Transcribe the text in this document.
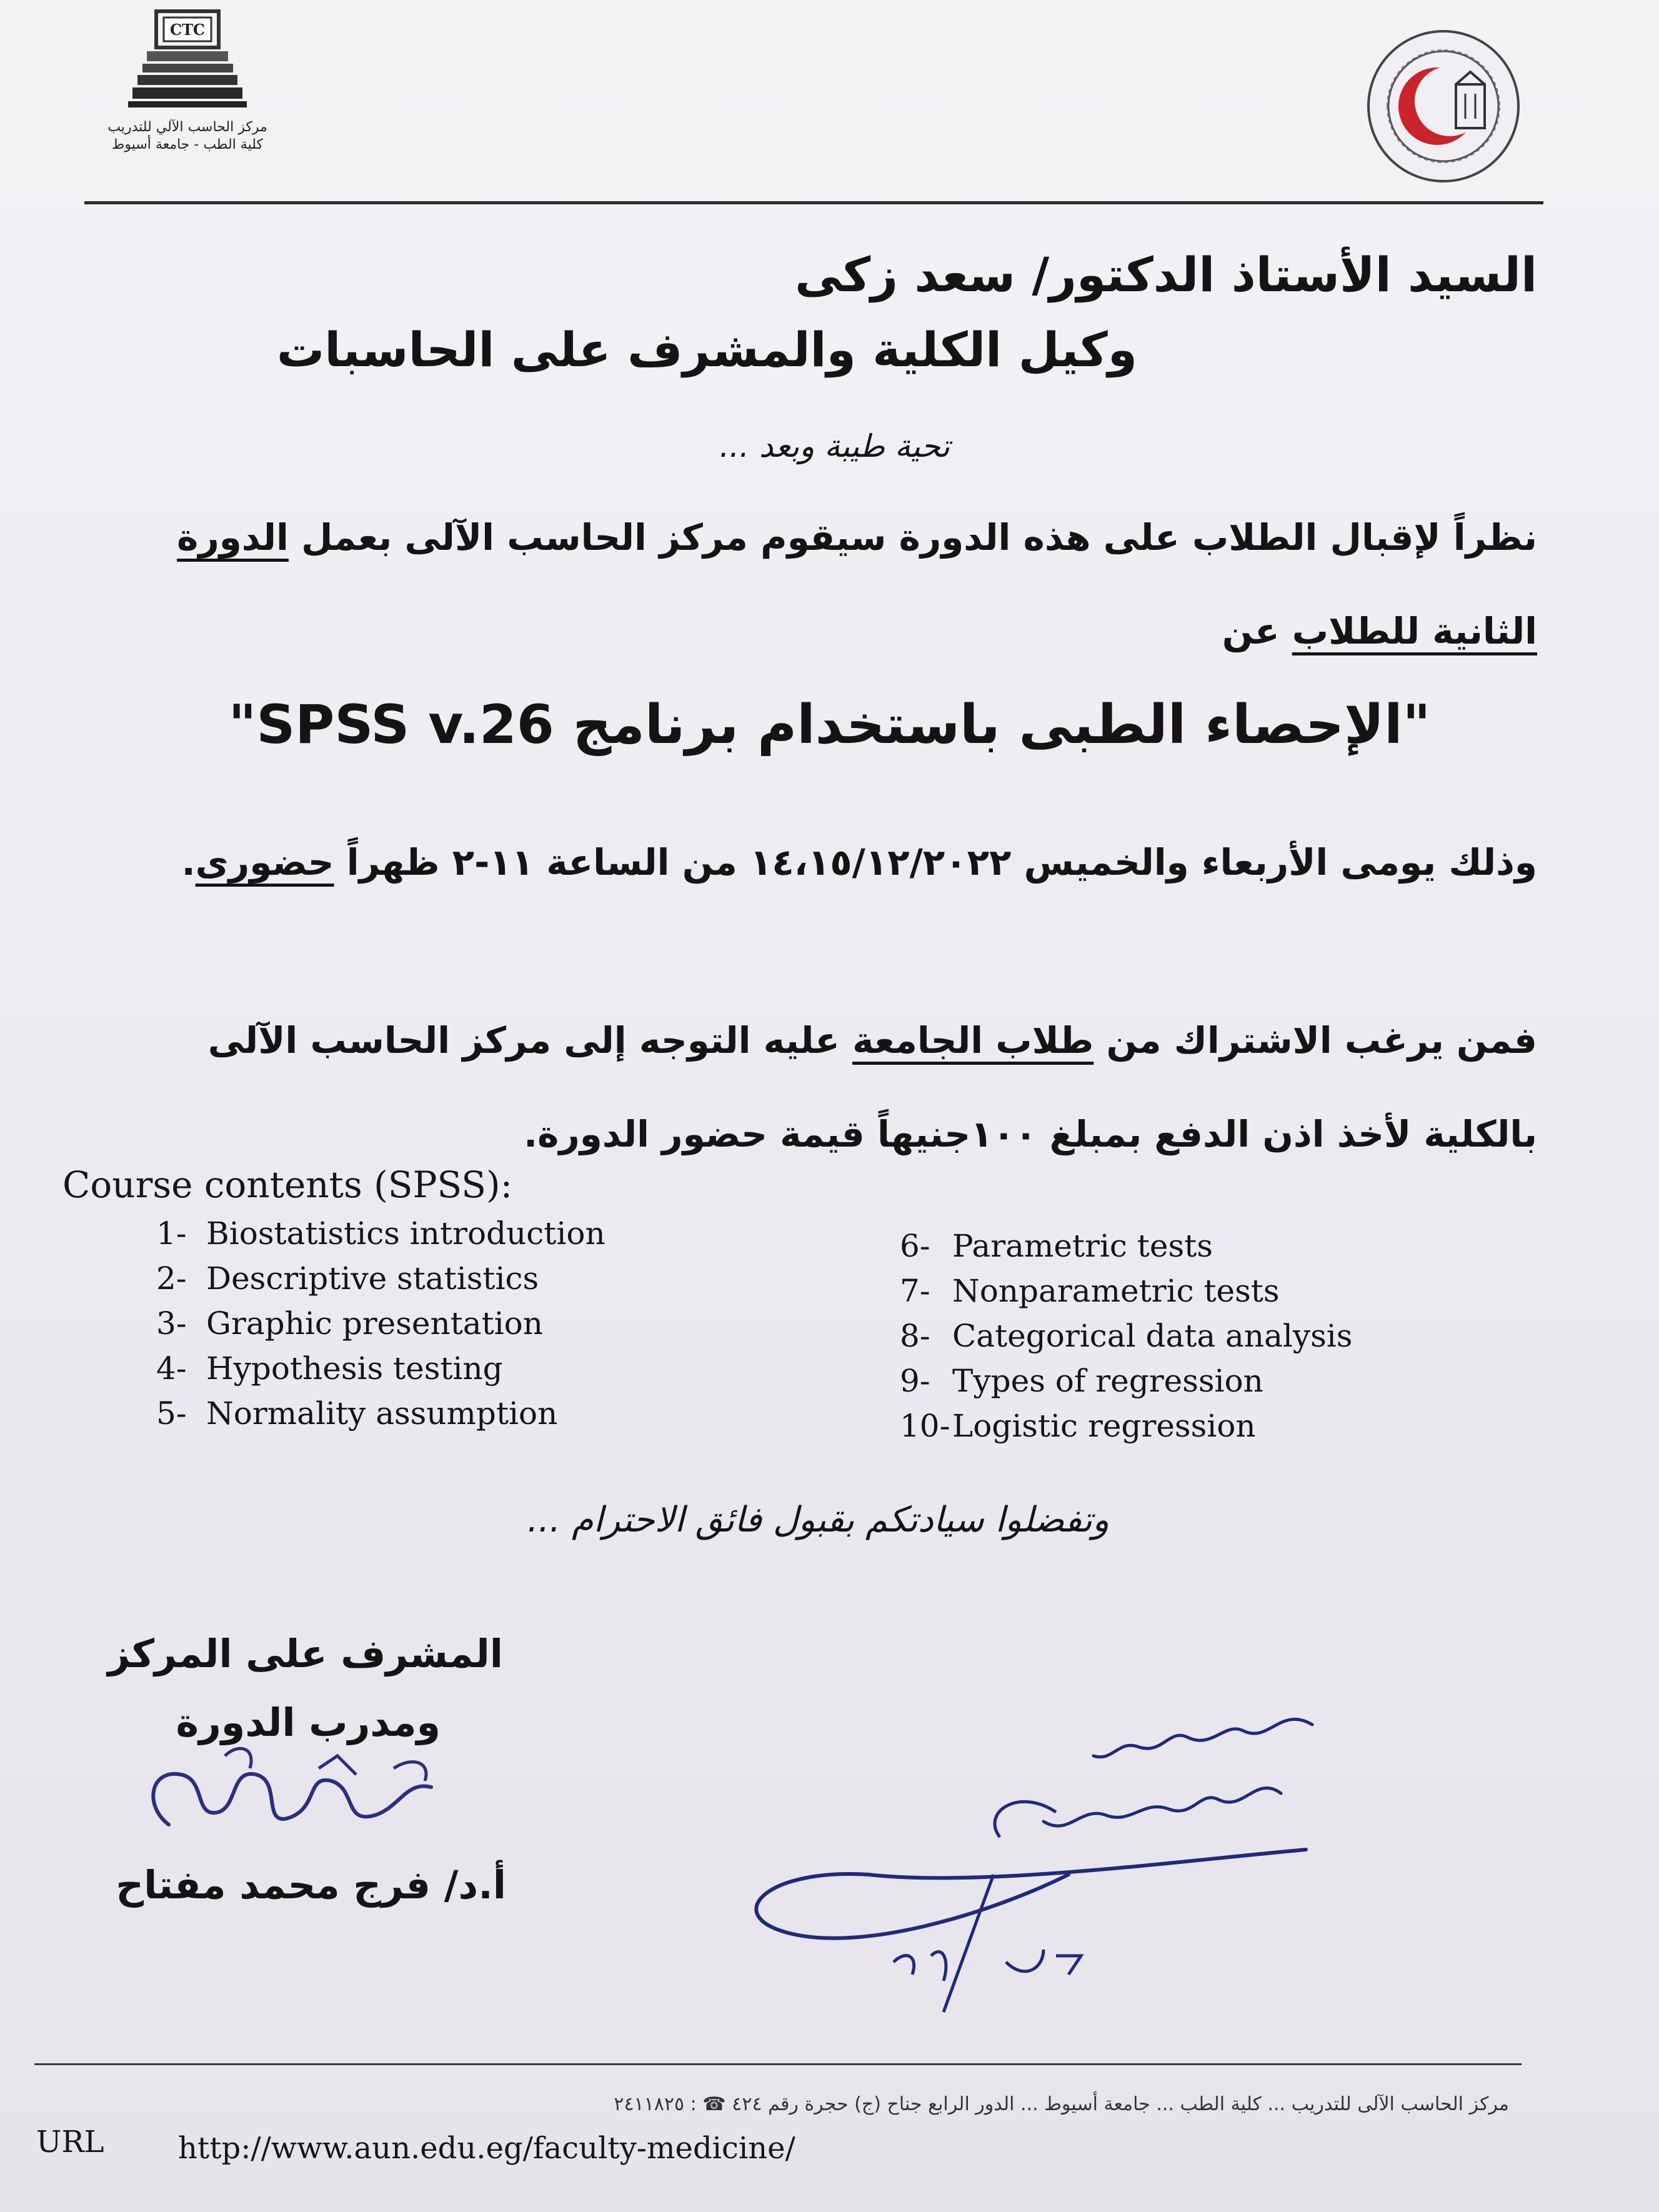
CTC
مركز الحاسب الآلي للتدريب
كلية الطب - جامعة أسيوط
السيد الأستاذ الدكتور/ سعد زكى
وكيل الكلية والمشرف على الحاسبات
تحية طيبة وبعد ...
نظراً لإقبال الطلاب على هذه الدورة سيقوم مركز الحاسب الآلى بعمل الدورة الثانية للطلاب عن
"الإحصاء الطبى باستخدام برنامج SPSS v.26"
وذلك يومى الأربعاء والخميس ١٤،١٥/١٢/٢٠٢٢ من الساعة ١١-٢ ظهراً حضورى.
فمن يرغب الاشتراك من طلاب الجامعة عليه التوجه إلى مركز الحاسب الآلى بالكلية لأخذ اذن الدفع بمبلغ ١٠٠جنيهاً قيمة حضور الدورة.
Course contents (SPSS):
1- Biostatistics introduction
2- Descriptive statistics
3- Graphic presentation
4- Hypothesis testing
5- Normality assumption
6- Parametric tests
7- Nonparametric tests
8- Categorical data analysis
9- Types of regression
10-Logistic regression
وتفضلوا سيادتكم بقبول فائق الاحترام ...
المشرف على المركز
ومدرب الدورة
أ.د/ فرج محمد مفتاح
مركز الحاسب الآلى للتدريب ... كلية الطب ... جامعة أسيوط ... الدور الرابع جناح (ج) حجرة رقم ٤٢٤ ☎ : ٢٤١١٨٢٥
URL http://www.aun.edu.eg/faculty-medicine/
